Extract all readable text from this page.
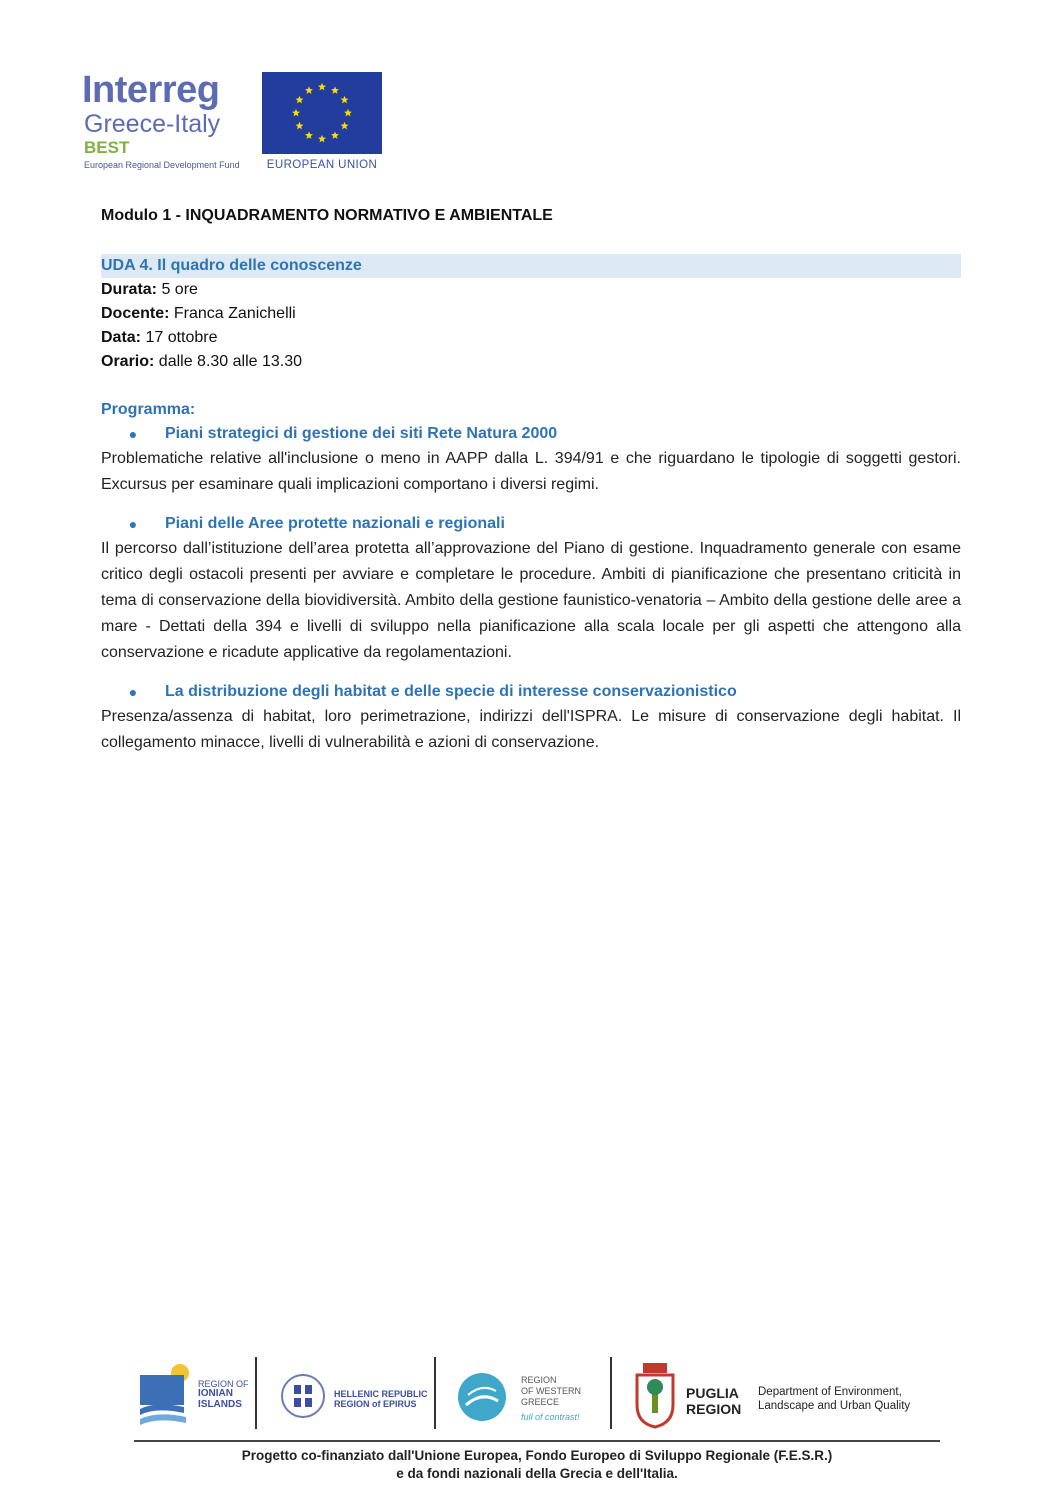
Interreg
Greece-Italy
BEST
European Regional Development Fund	EUROPEAN UNION

Modulo 1 - INQUADRAMENTO NORMATIVO E AMBIENTALE

UDA 4. Il quadro delle conoscenze
Durata: 5 ore
Docente: Franca Zanichelli
Data: 17 ottobre
Orario: dalle 8.30 alle 13.30
Programma:
●	Piani strategici di gestione dei siti Rete Natura 2000

Problematiche relative all'inclusione o meno in AAPP dalla L. 394/91 e che riguardano le tipologie di soggetti gestori. Excursus per esaminare quali implicazioni comportano i diversi regimi.

●	Piani delle Aree protette nazionali e regionali

Il percorso dall’istituzione dell’area protetta all’approvazione del Piano di gestione. Inquadramento generale con esame critico degli ostacoli presenti per avviare e completare le procedure. Ambiti di pianificazione che presentano criticità in tema di conservazione della biovidiversità. Ambito della gestione faunistico-venatoria – Ambito della gestione delle aree a mare - Dettati della 394 e livelli di sviluppo nella pianificazione alla scala locale per gli aspetti che attengono alla conservazione e ricadute applicative da regolamentazioni.

●	La distribuzione degli habitat e delle specie di interesse conservazionistico

Presenza/assenza di habitat, loro perimetrazione, indirizzi dell'ISPRA. Le misure di conservazione degli habitat. Il collegamento minacce, livelli di vulnerabilità e azioni di conservazione.

REGION OF
IONIAN
ISLANDS
HELLENIC REPUBLIC
REGION of EPIRUS
REGION
OF WESTERN
GREECE
full of contrast!
PUGLIA
REGION
Department of Environment,
Landscape and Urban Quality
Progetto co-finanziato dall'Unione Europea, Fondo Europeo di Sviluppo Regionale (F.E.S.R.)
e da fondi nazionali della Grecia e dell'Italia.
